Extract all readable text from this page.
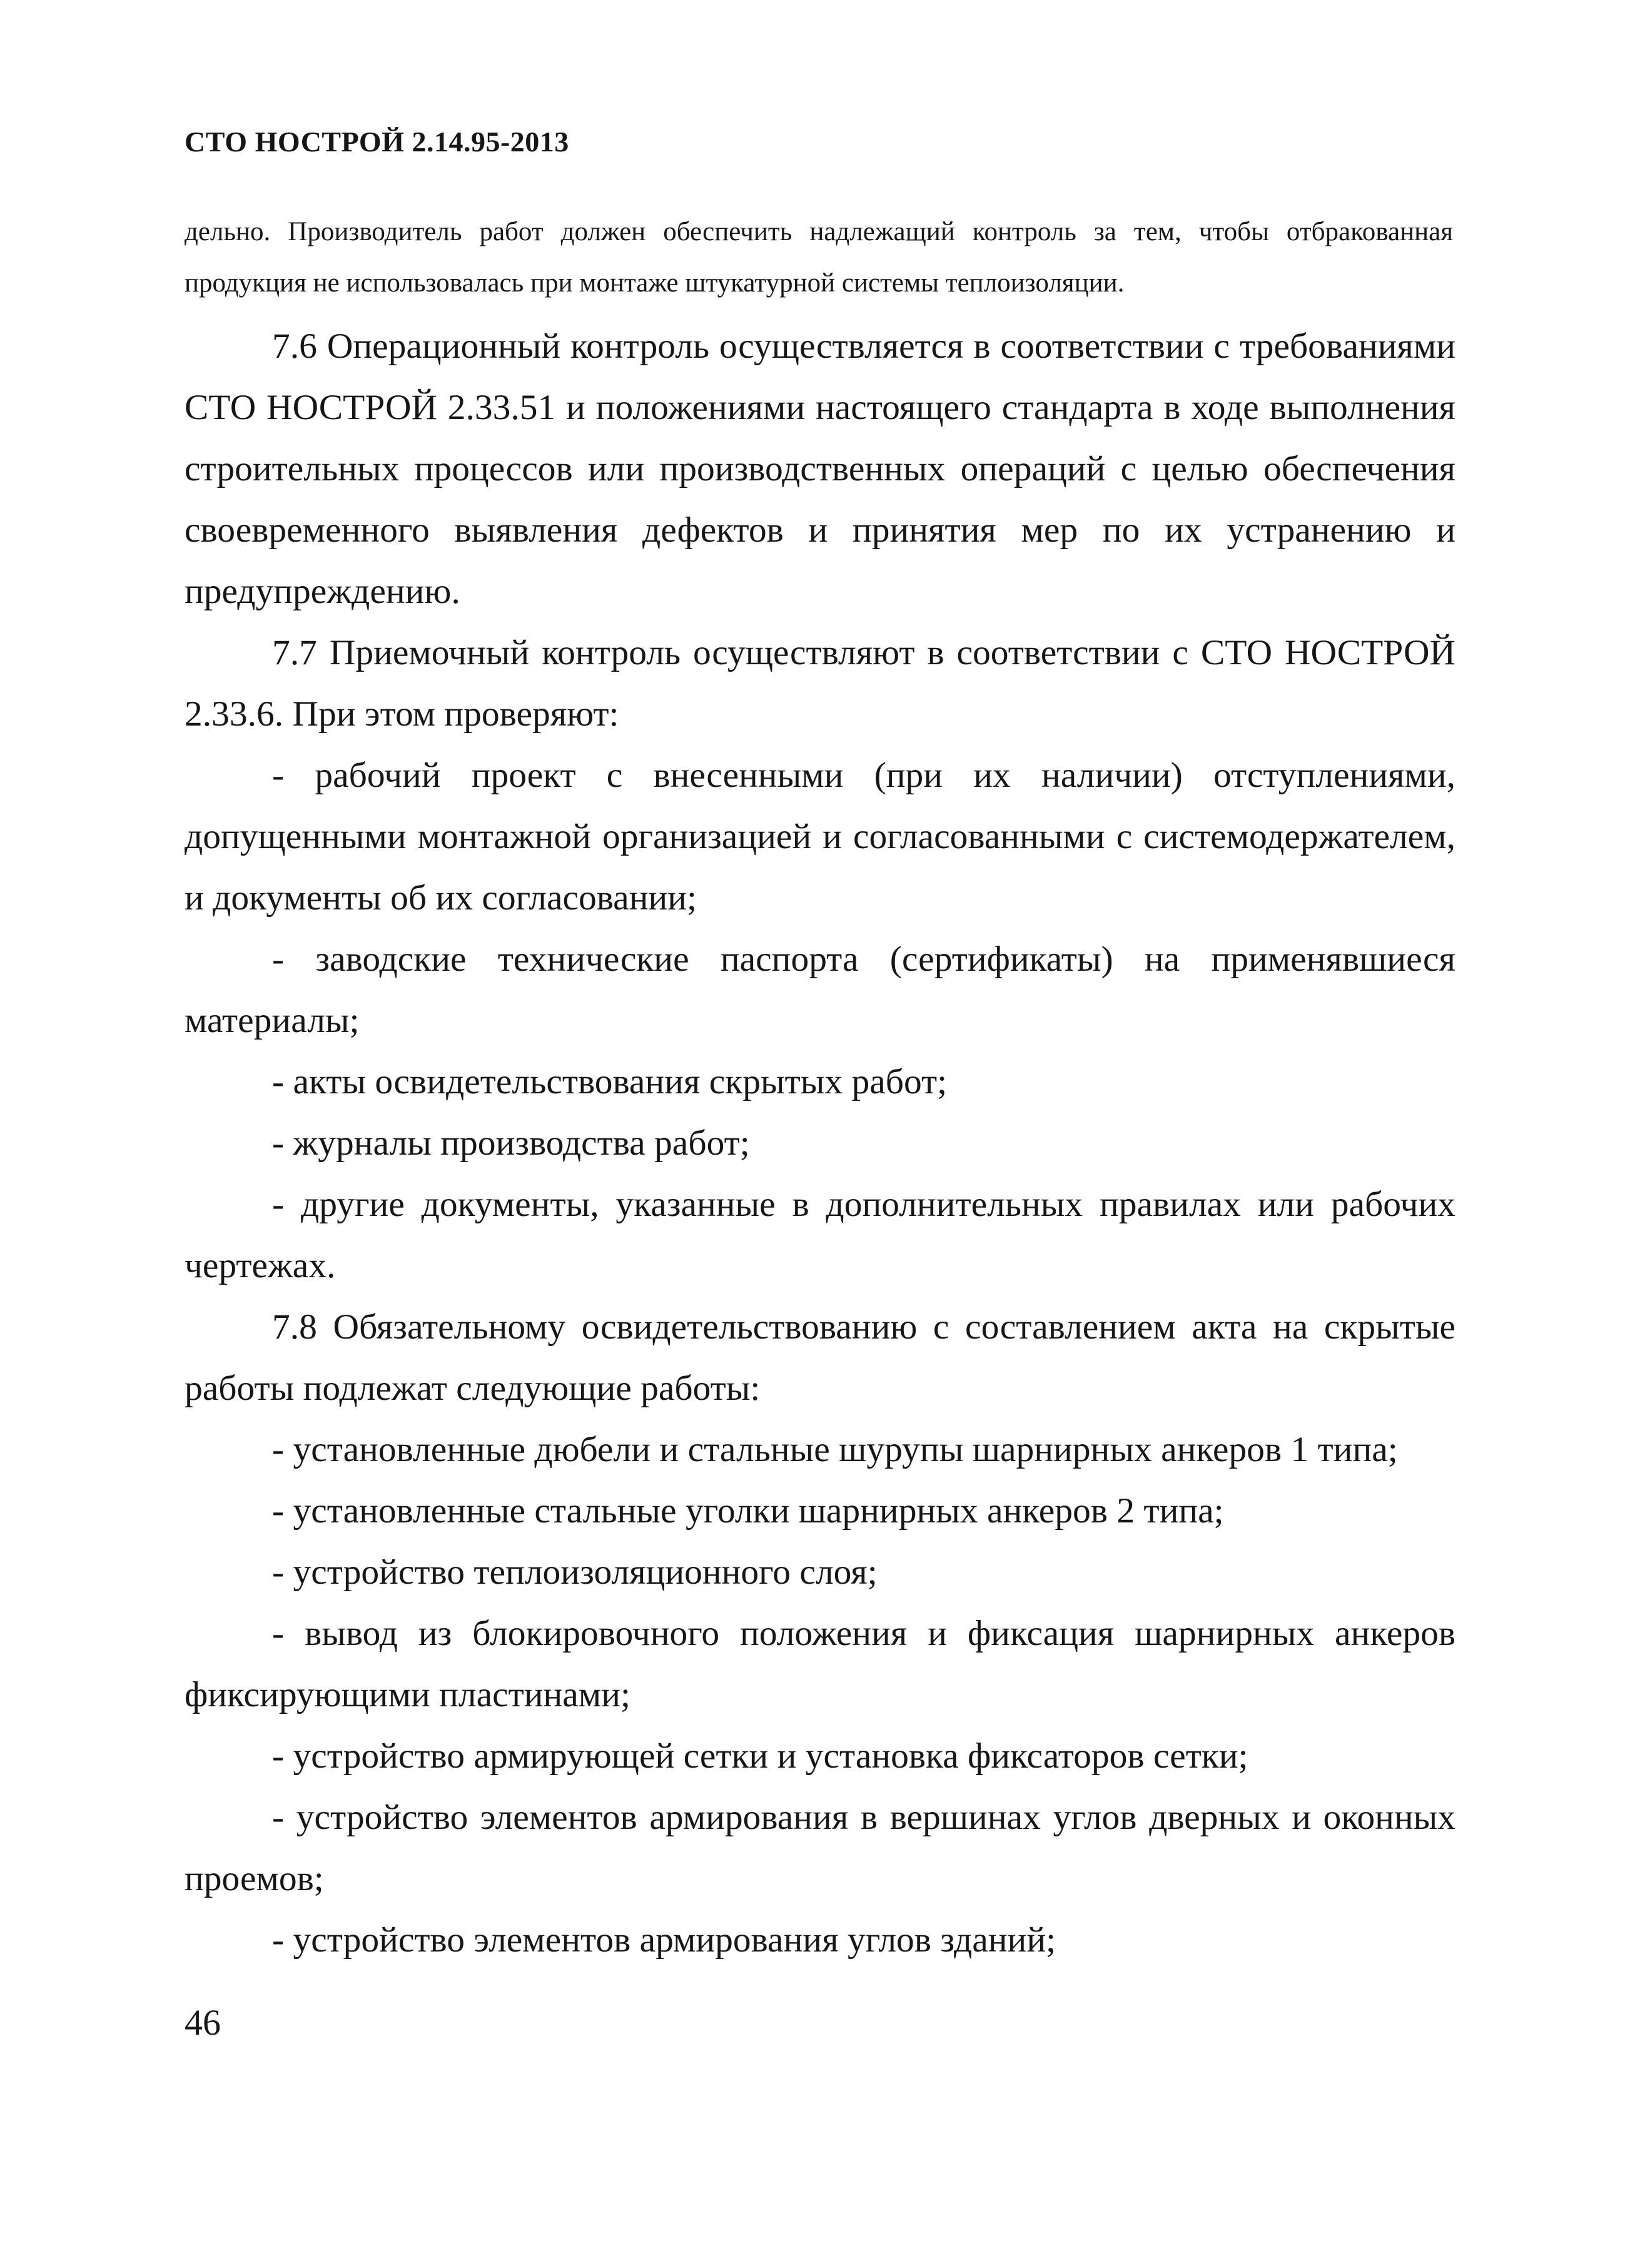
СТО НОСТРОЙ 2.14.95-2013
дельно. Производитель работ должен обеспечить надлежащий контроль за тем, чтобы отбракованная продукция не использовалась при монтаже штукатурной системы теплоизоляции.

7.6 Операционный контроль осуществляется в соответствии с требованиями СТО НОСТРОЙ 2.33.51 и положениями настоящего стандарта в ходе выполнения строительных процессов или производственных операций с целью обеспечения своевременного выявления дефектов и принятия мер по их устранению и предупреждению.

7.7 Приемочный контроль осуществляют в соответствии с СТО НОСТРОЙ 2.33.6. При этом проверяют:

- рабочий проект с внесенными (при их наличии) отступлениями, допущенными монтажной организацией и согласованными с системодержателем, и документы об их согласовании;

- заводские технические паспорта (сертификаты) на применявшиеся материалы;

- акты освидетельствования скрытых работ;

- журналы производства работ;

- другие документы, указанные в дополнительных правилах или рабочих чертежах.

7.8 Обязательному освидетельствованию с составлением акта на скрытые работы подлежат следующие работы:

- установленные дюбели и стальные шурупы шарнирных анкеров 1 типа;

- установленные стальные уголки шарнирных анкеров 2 типа;

- устройство теплоизоляционного слоя;

- вывод из блокировочного положения и фиксация шарнирных анкеров фиксирующими пластинами;

- устройство армирующей сетки и установка фиксаторов сетки;

- устройство элементов армирования в вершинах углов дверных и оконных проемов;

- устройство элементов армирования углов зданий;

46
